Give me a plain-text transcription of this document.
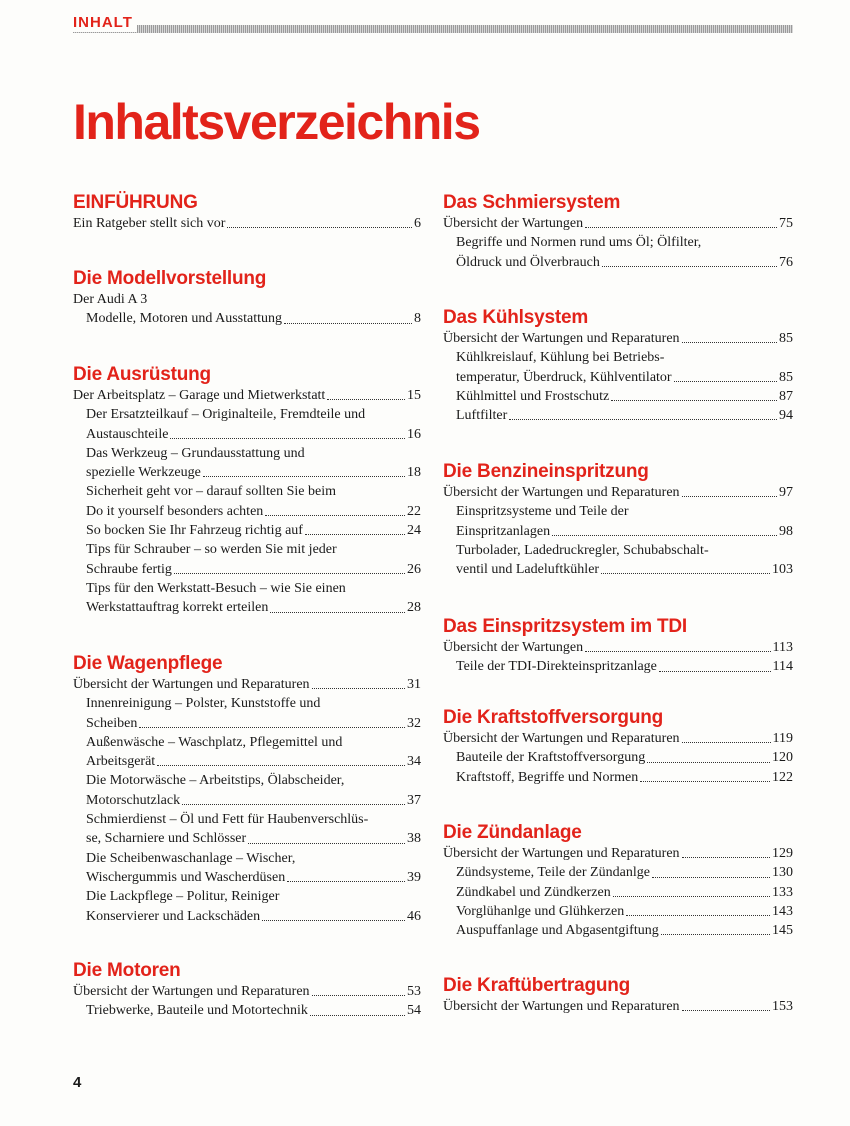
INHALT
Inhaltsverzeichnis
EINFÜHRUNG
Ein Ratgeber stellt sich vor	6
Die Modellvorstellung
Der Audi A 3
Modelle, Motoren und Ausstattung	8
Die Ausrüstung
Der Arbeitsplatz – Garage und Mietwerkstatt	15
Der Ersatzteilkauf – Originalteile, Fremdteile und
Austauschteile	16
Das Werkzeug – Grundausstattung und
spezielle Werkzeuge	18
Sicherheit geht vor – darauf sollten Sie beim
Do it yourself besonders achten	22
So bocken Sie Ihr Fahrzeug richtig auf	24
Tips für Schrauber – so werden Sie mit jeder
Schraube fertig	26
Tips für den Werkstatt-Besuch – wie Sie einen
Werkstattauftrag korrekt erteilen	28
Die Wagenpflege
Übersicht der Wartungen und Reparaturen	31
Innenreinigung – Polster, Kunststoffe und
Scheiben	32
Außenwäsche – Waschplatz, Pflegemittel und
Arbeitsgerät	34
Die Motorwäsche – Arbeitstips, Ölabscheider,
Motorschutzlack	37
Schmierdienst – Öl und Fett für Haubenverschlüs-
se, Scharniere und Schlösser	38
Die Scheibenwaschanlage – Wischer,
Wischergummis und Wascherdüsen	39
Die Lackpflege – Politur, Reiniger
Konservierer und Lackschäden	46
Die Motoren
Übersicht der Wartungen und Reparaturen	53
Triebwerke, Bauteile und Motortechnik	54
Das Schmiersystem
Übersicht der Wartungen	75
Begriffe und Normen rund ums Öl; Ölfilter,
Öldruck und Ölverbrauch	76
Das Kühlsystem
Übersicht der Wartungen und Reparaturen	85
Kühlkreislauf, Kühlung bei Betriebs-
temperatur, Überdruck, Kühlventilator	85
Kühlmittel und Frostschutz	87
Luftfilter	94
Die Benzineinspritzung
Übersicht der Wartungen und Reparaturen	97
Einspritzsysteme und Teile der
Einspritzanlagen	98
Turbolader, Ladedruckregler, Schubabschalt-
ventil und Ladeluftkühler	103
Das Einspritzsystem im TDI
Übersicht der Wartungen	113
Teile der TDI-Direkteinspritzanlage	114
Die Kraftstoffversorgung
Übersicht der Wartungen und Reparaturen	119
Bauteile der Kraftstoffversorgung	120
Kraftstoff, Begriffe und Normen	122
Die Zündanlage
Übersicht der Wartungen und Reparaturen	129
Zündsysteme, Teile der Zündanlge	130
Zündkabel und Zündkerzen	133
Vorglühanlge und Glühkerzen	143
Auspuffanlage und Abgasentgiftung	145
Die Kraftübertragung
Übersicht der Wartungen und Reparaturen	153
4
